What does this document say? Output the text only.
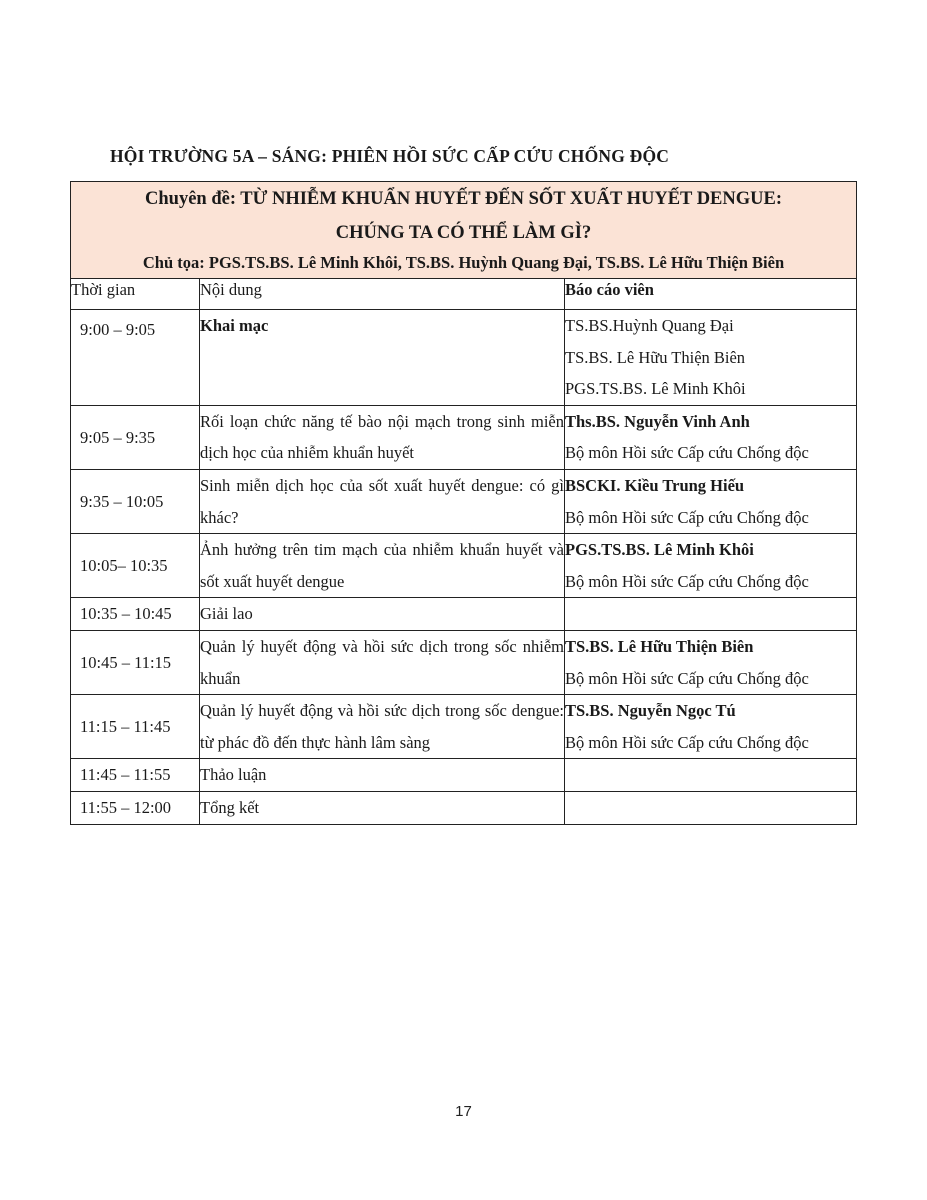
HỘI TRƯỜNG 5A – SÁNG: PHIÊN HỒI SỨC CẤP CỨU CHỐNG ĐỘC
Chuyên đề: TỪ NHIỄM KHUẨN HUYẾT ĐẾN SỐT XUẤT HUYẾT DENGUE:
CHÚNG TA CÓ THỂ LÀM GÌ?
Chủ tọa: PGS.TS.BS. Lê Minh Khôi, TS.BS. Huỳnh Quang Đại, TS.BS. Lê Hữu Thiện Biên		

Thời gian	Nội dung	Báo cáo viên
9:00 – 9:05	Khai mạc	TS.BS.Huỳnh Quang Đại
TS.BS. Lê Hữu Thiện Biên
PGS.TS.BS. Lê Minh Khôi

9:05 – 9:35	Rối loạn chức năng tế bào nội mạch trong sinh miễn dịch học của nhiễm khuẩn huyết	Ths.BS. Nguyễn Vinh Anh
Bộ môn Hồi sức Cấp cứu Chống độc

9:35 – 10:05	Sinh miễn dịch học của sốt xuất huyết dengue: có gì khác?	BSCKI. Kiều Trung Hiếu
Bộ môn Hồi sức Cấp cứu Chống độc

10:05– 10:35	Ảnh hưởng trên tim mạch của nhiễm khuẩn huyết và sốt xuất huyết dengue	PGS.TS.BS. Lê Minh Khôi
Bộ môn Hồi sức Cấp cứu Chống độc

10:35 – 10:45	Giải lao	
10:45 – 11:15	Quản lý huyết động và hồi sức dịch trong sốc nhiễm khuẩn	TS.BS. Lê Hữu Thiện Biên
Bộ môn Hồi sức Cấp cứu Chống độc

11:15 – 11:45	Quản lý huyết động và hồi sức dịch trong sốc dengue: từ phác đồ đến thực hành lâm sàng	TS.BS. Nguyễn Ngọc Tú
Bộ môn Hồi sức Cấp cứu Chống độc

11:45 – 11:55	Thảo luận	
11:55 – 12:00	Tổng kết	
17
